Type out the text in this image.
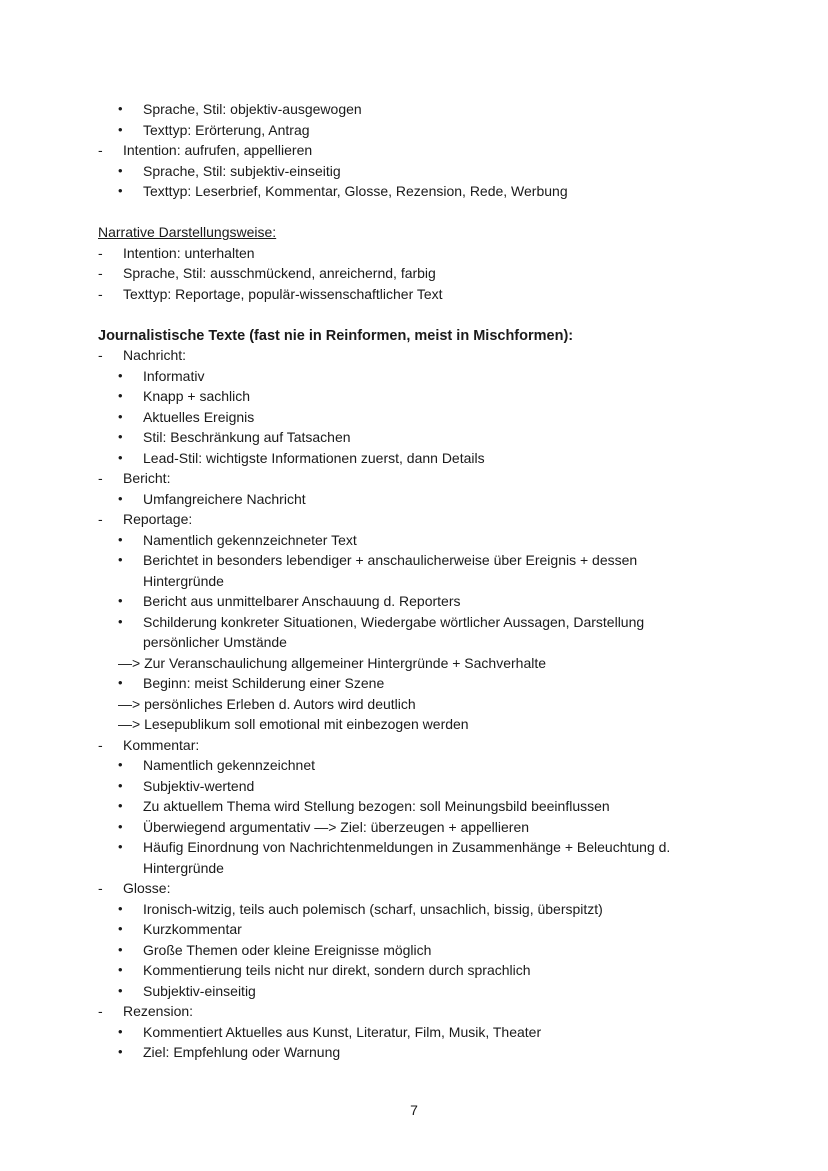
• Sprache, Stil: objektiv-ausgewogen
• Texttyp: Erörterung, Antrag
- Intention: aufrufen, appellieren
• Sprache, Stil: subjektiv-einseitig
• Texttyp: Leserbrief, Kommentar, Glosse, Rezension, Rede, Werbung
Narrative Darstellungsweise:
- Intention: unterhalten
- Sprache, Stil: ausschmückend, anreichernd, farbig
- Texttyp: Reportage, populär-wissenschaftlicher Text
Journalistische Texte (fast nie in Reinformen, meist in Mischformen):
- Nachricht:
• Informativ
• Knapp + sachlich
• Aktuelles Ereignis
• Stil: Beschränkung auf Tatsachen
• Lead-Stil: wichtigste Informationen zuerst, dann Details
- Bericht:
• Umfangreichere Nachricht
- Reportage:
• Namentlich gekennzeichneter Text
• Berichtet in besonders lebendiger + anschaulicherweise über Ereignis + dessen
Hintergründe
• Bericht aus unmittelbarer Anschauung d. Reporters
• Schilderung konkreter Situationen, Wiedergabe wörtlicher Aussagen, Darstellung
persönlicher Umstände
—> Zur Veranschaulichung allgemeiner Hintergründe + Sachverhalte
• Beginn: meist Schilderung einer Szene
—> persönliches Erleben d. Autors wird deutlich
—> Lesepublikum soll emotional mit einbezogen werden
- Kommentar:
• Namentlich gekennzeichnet
• Subjektiv-wertend
• Zu aktuellem Thema wird Stellung bezogen: soll Meinungsbild beeinflussen
• Überwiegend argumentativ —> Ziel: überzeugen + appellieren
• Häufig Einordnung von Nachrichtenmeldungen in Zusammenhänge + Beleuchtung d.
Hintergründe
- Glosse:
• Ironisch-witzig, teils auch polemisch (scharf, unsachlich, bissig, überspitzt)
• Kurzkommentar
• Große Themen oder kleine Ereignisse möglich
• Kommentierung teils nicht nur direkt, sondern durch sprachlich
• Subjektiv-einseitig
- Rezension:
• Kommentiert Aktuelles aus Kunst, Literatur, Film, Musik, Theater
• Ziel: Empfehlung oder Warnung
7
